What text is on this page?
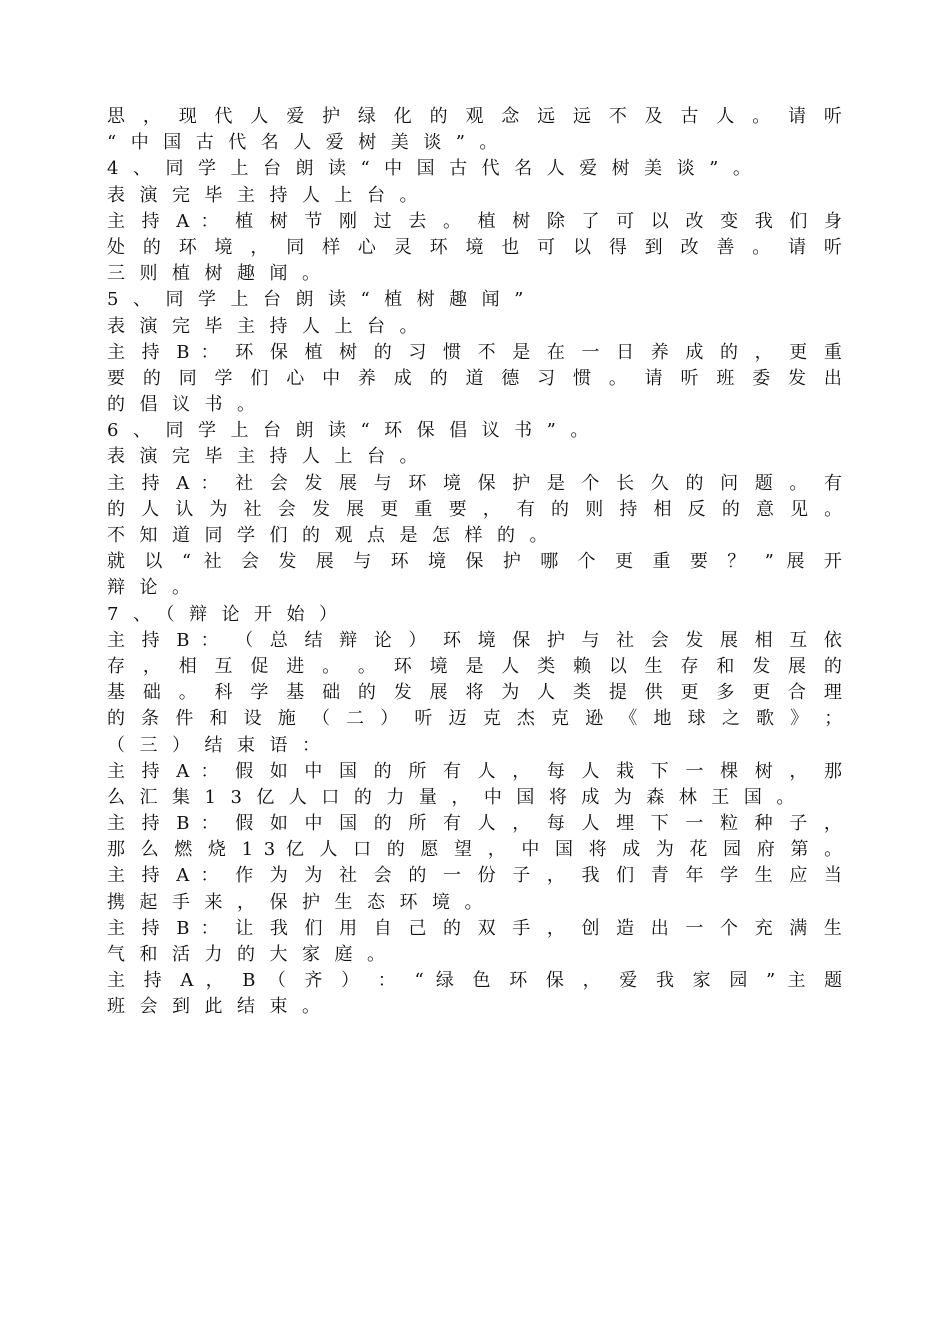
思 ， 现 代 人 爱 护 绿 化 的 观 念 远 远 不 及 古 人 。 请 听
“中国古代名人爱树美谈”。
4、同学上台朗读“中国古代名人爱树美谈”。
表演完毕主持人上台。
主 持 A ： 植 树 节 刚 过 去 。 植 树 除 了 可 以 改 变 我 们 身
处 的 环 境 ， 同 样 心 灵 环 境 也 可 以 得 到 改 善 。 请 听
三则植树趣闻。
5、同学上台朗读“植树趣闻”
表演完毕主持人上台。
主 持 B ： 环 保 植 树 的 习 惯 不 是 在 一 日 养 成 的 ， 更 重
要 的 同 学 们 心 中 养 成 的 道 德 习 惯 。 请 听 班 委 发 出
的倡议书。
6、同学上台朗读“环保倡议书”。
表演完毕主持人上台。
主 持 A ： 社 会 发 展 与 环 境 保 护 是 个 长 久 的 问 题 。 有
的 人 认 为 社 会 发 展 更 重 要 ， 有 的 则 持 相 反 的 意 见 。
不知道同学们的观点是怎样的。
就 以 “ 社 会 发 展 与 环 境 保 护 哪 个 更 重 要 ？ ” 展 开
辩论。
7、（辩论开始）
主 持 B ： （ 总 结 辩 论 ） 环 境 保 护 与 社 会 发 展 相 互 依
存 ， 相 互 促 进 。 。 环 境 是 人 类 赖 以 生 存 和 发 展 的
基 础 。 科 学 基 础 的 发 展 将 为 人 类 提 供 更 多 更 合 理
的 条 件 和 设 施 （ 二 ） 听 迈 克 杰 克 逊 《 地 球 之 歌 》 ；
（三）结束语：
主 持 A ： 假 如 中 国 的 所 有 人 ， 每 人 栽 下 一 棵 树 ， 那
么汇集13亿人口的力量，中国将成为森林王国。
主 持 B ： 假 如 中 国 的 所 有 人 ， 每 人 埋 下 一 粒 种 子 ，
那 么 燃 烧 1 3 亿 人 口 的 愿 望 ， 中 国 将 成 为 花 园 府 第 。
主 持 A ： 作 为 为 社 会 的 一 份 子 ， 我 们 青 年 学 生 应 当
携起手来，保护生态环境。
主 持 B ： 让 我 们 用 自 己 的 双 手 ， 创 造 出 一 个 充 满 生
气和活力的大家庭。
主 持 A ， B （ 齐 ） ： “ 绿 色 环 保 ， 爱 我 家 园 ” 主 题
班会到此结束。
